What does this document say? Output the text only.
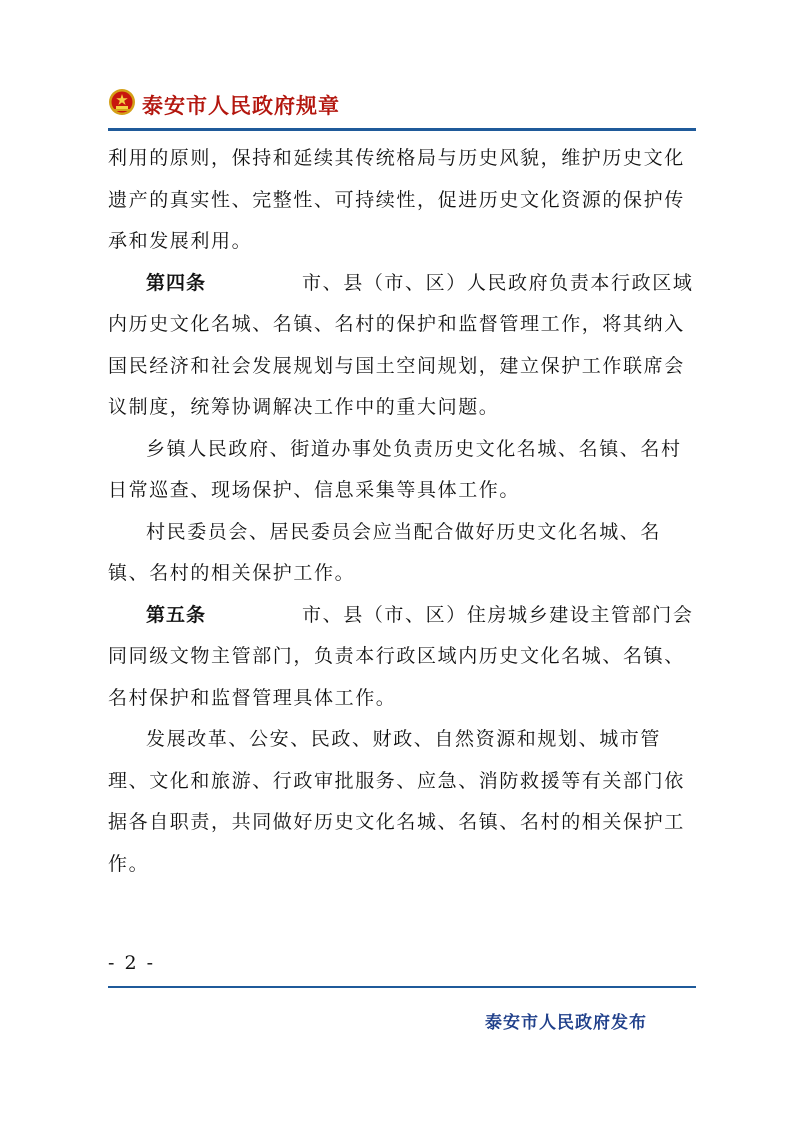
泰安市人民政府规章

利用的原则，保持和延续其传统格局与历史风貌，维护历史文化遗产的真实性、完整性、可持续性，促进历史文化资源的保护传承和发展利用。

第四条	市、县（市、区）人民政府负责本行政区域内历史文化名城、名镇、名村的保护和监督管理工作，将其纳入国民经济和社会发展规划与国土空间规划，建立保护工作联席会议制度，统筹协调解决工作中的重大问题。

乡镇人民政府、街道办事处负责历史文化名城、名镇、名村日常巡查、现场保护、信息采集等具体工作。

村民委员会、居民委员会应当配合做好历史文化名城、名镇、名村的相关保护工作。

第五条	市、县（市、区）住房城乡建设主管部门会同同级文物主管部门，负责本行政区域内历史文化名城、名镇、名村保护和监督管理具体工作。

发展改革、公安、民政、财政、自然资源和规划、城市管理、文化和旅游、行政审批服务、应急、消防救援等有关部门依据各自职责，共同做好历史文化名城、名镇、名村的相关保护工作。

- 2 -
泰安市人民政府发布
